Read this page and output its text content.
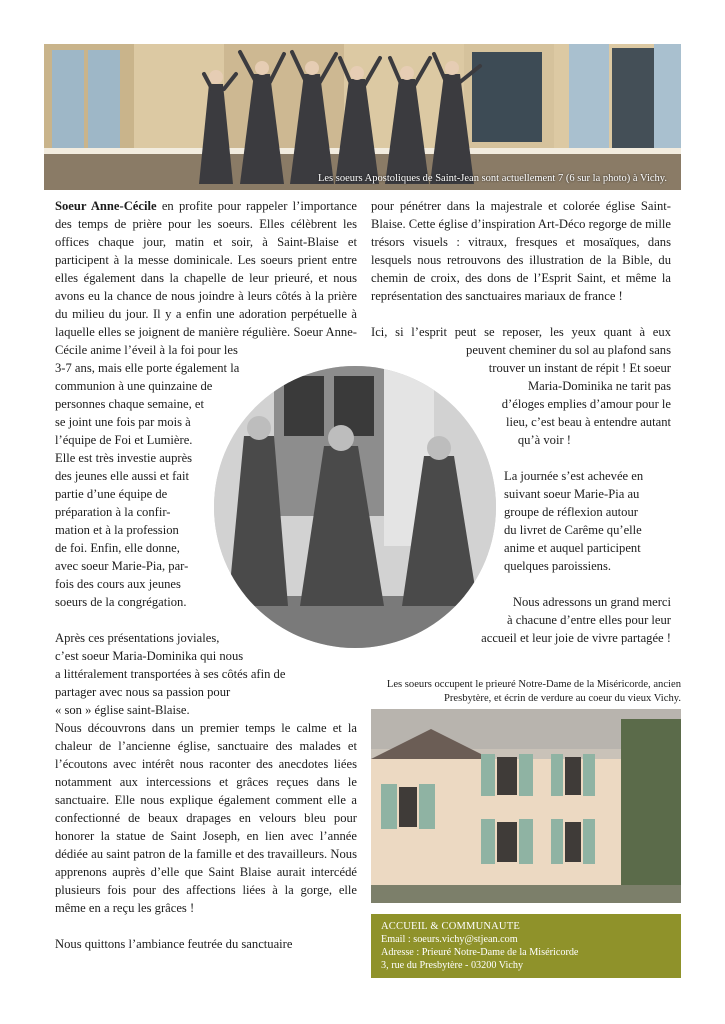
Les soeurs Apostoliques de Saint-Jean sont actuellement 7 (6 sur la photo) à Vichy.

Soeur Anne-Cécile en profite pour rappeler l’importance des temps de prière pour les soeurs. Elles célèbrent les offices chaque jour, matin et soir, à Saint-Blaise et participent à la messe dominicale. Les soeurs prient entre elles également dans la chapelle de leur prieuré, et nous avons eu la chance de nous joindre à leurs côtés à la prière du milieu du jour. Il y a enfin une adoration perpétuelle à laquelle elles se joignent de manière régulière. Soeur Anne-Cécile anime l’éveil à la foi pour les

3-7 ans, mais elle porte également la
communion à une quinzaine de
personnes chaque semaine, et
se joint une fois par mois à
l’équipe de Foi et Lumière.
Elle est très investie auprès
des jeunes elle aussi et fait
partie d’une équipe de
préparation à la confir-
mation et à la profession
de foi. Enfin, elle donne,
avec soeur Marie-Pia, par-
fois des cours aux jeunes
soeurs de la congrégation.
Après ces présentations joviales,
c’est soeur Maria-Dominika qui nous
a littéralement transportées à ses côtés afin de
partager avec nous sa passion pour
« son » église saint-Blaise.

Nous découvrons dans un premier temps le calme et la chaleur de l’ancienne église, sanctuaire des malades et l’écoutons avec intérêt nous raconter des anecdotes liées notamment aux intercessions et grâces reçues dans le sanctuaire. Elle nous explique également comment elle a confectionné de beaux drapages en velours bleu pour honorer la statue de Saint Joseph, en lien avec l’année dédiée au saint patron de la famille et des travailleurs. Nous apprenons auprès d’elle que Saint Blaise aurait intercédé plusieurs fois pour des affections liées à la gorge, elle même en a reçu les grâces !

Nous quittons l’ambiance feutrée du sanctuaire

pour pénétrer dans la majestrale et colorée église Saint-Blaise. Cette église d’inspiration Art-Déco regorge de mille trésors visuels : vitraux, fresques et mosaïques, dans lesquels nous retrouvons des illustration de la Bible, du chemin de croix, des dons de l’Esprit Saint, et même la représentation des sanctuaires mariaux de france !

Ici, si l’esprit peut se reposer, les yeux quant à eux
peuvent cheminer du sol au plafond sans
trouver un instant de répit ! Et soeur
Maria-Dominika ne tarit pas
d’éloges emplies d’amour pour le
lieu, c’est beau à entendre autant
qu’à voir !
La journée s’est achevée en
suivant soeur Marie-Pia au
groupe de réflexion autour
du livret de Carême qu’elle
anime et auquel participent
quelques paroissiens.
Nous adressons un grand merci
à chacune d’entre elles pour leur
accueil et leur joie de vivre partagée !
Les soeurs occupent le prieuré Notre-Dame de la Miséricorde, ancien Presbytère, et écrin de verdure au coeur du vieux Vichy.
ACCUEIL & COMMUNAUTE
Email : soeurs.vichy@stjean.com
Adresse : Prieuré Notre-Dame de la Miséricorde
3, rue du Presbytère - 03200 Vichy
